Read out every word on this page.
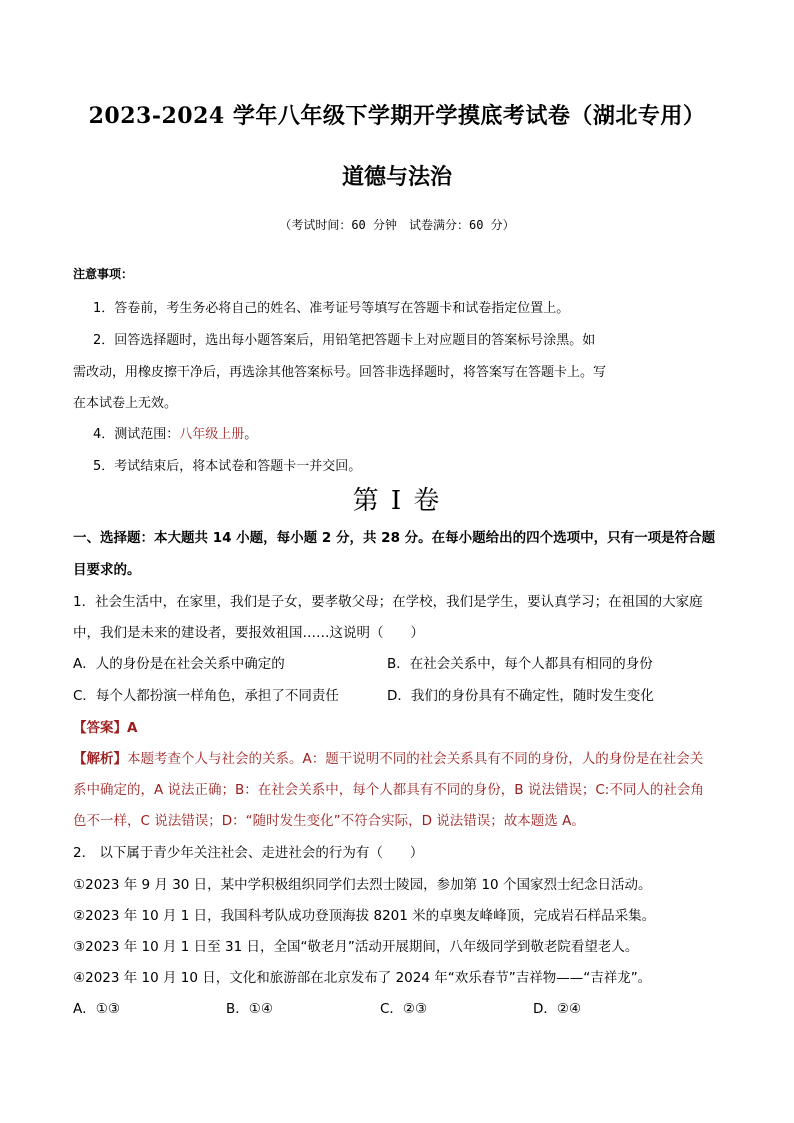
2023-2024 学年八年级下学期开学摸底考试卷（湖北专用）
道德与法治
（考试时间：60 分钟　试卷满分：60 分）
注意事项：
1．答卷前，考生务必将自己的姓名、准考证号等填写在答题卡和试卷指定位置上。
2．回答选择题时，选出每小题答案后，用铅笔把答题卡上对应题目的答案标号涂黑。如
需改动，用橡皮擦干净后，再选涂其他答案标号。回答非选择题时，将答案写在答题卡上。写
在本试卷上无效。
4．测试范围：八年级上册。
5．考试结束后，将本试卷和答题卡一并交回。
第 I 卷
一、选择题：本大题共 14 小题，每小题 2 分，共 28 分。在每小题给出的四个选项中，只有一项是符合题
目要求的。
1．社会生活中，在家里，我们是子女，要孝敬父母；在学校，我们是学生，要认真学习；在祖国的大家庭
中，我们是未来的建设者，要报效祖国……这说明（　　）
A．人的身份是在社会关系中确定的	B．在社会关系中，每个人都具有相同的身份
C．每个人都扮演一样角色，承担了不同责任	D．我们的身份具有不确定性，随时发生变化
【答案】A
【解析】本题考查个人与社会的关系。A：题干说明不同的社会关系具有不同的身份，人的身份是在社会关
系中确定的，A 说法正确；B：在社会关系中，每个人都具有不同的身份，B 说法错误；C:不同人的社会角
色不一样，C 说法错误；D：“随时发生变化”不符合实际，D 说法错误；故本题选 A。
2． 以下属于青少年关注社会、走进社会的行为有（　　）
①2023 年 9 月 30 日，某中学积极组织同学们去烈士陵园，参加第 10 个国家烈士纪念日活动。
②2023 年 10 月 1 日，我国科考队成功登顶海拔 8201 米的卓奥友峰峰顶，完成岩石样品采集。
③2023 年 10 月 1 日至 31 日，全国“敬老月”活动开展期间，八年级同学到敬老院看望老人。
④2023 年 10 月 10 日，文化和旅游部在北京发布了 2024 年“欢乐春节”吉祥物——“吉祥龙”。
A．①③	B．①④	C．②③	D．②④
